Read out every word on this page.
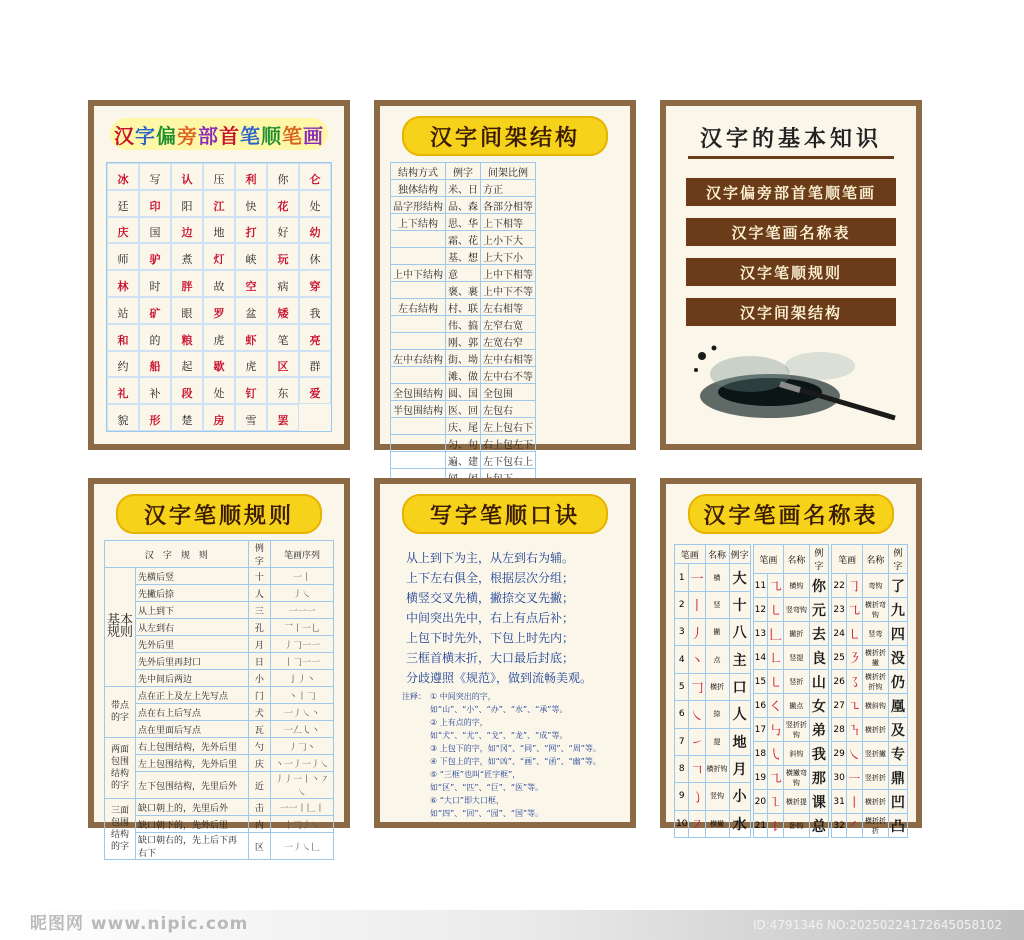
汉 字 偏 旁 部 首 笔 顺 笔 画
冰 写 认 压 利 你 仑
廷 印 阳 江 快 花 处
庆 国 边 地 打 好 幼
师 驴 煮 灯 峡 玩 休
林 时 胖 故 空 病 穿
站 矿 眼 罗 盆 矮 我
和 的 粮 虎 虾 笔 亮
约 船 起 歇 虎 区 群
礼 补 段 处 钉 东 爱
貌 形 楚 房 雪 罢
汉字间架结构
结构方式	例字	间架比例
独体结构	米、日	方正
品字形结构	品、森	各部分相等
上下结构	思、华	上下相等
	霜、花	上小下大
	基、想	上大下小
上中下结构	意	上中下相等
	褒、裹	上中下不等
左右结构	村、联	左右相等
	伟、搞	左窄右宽
	刚、郭	左宽右窄
左中右结构	街、坳	左中右相等
	滩、做	左中右不等
全包围结构	圆、国	全包围
半包围结构	医、回	左包右
	庆、尾	左上包右下
	匀、句	右上包左下
	遍、建	左下包右上

汉字的基本知识
汉字偏旁部首笔顺笔画
汉字笔画名称表
汉字笔顺规则
汉字间架结构
汉字笔顺规则
汉　字　规　则		例字	笔画序列
基本规则	先横后竖	十	一丨
	先撇后捺	人	丿㇏
	从上到下	三	一一一
	从左到右	孔	乛丨一乚
	先外后里	月	丿𠃌一一
	先外后里再封口	日	丨𠃌一一
	先中间后两边	小	亅丿丶
带点的字	点在正上及左上先写点	门	丶丨𠃌
	点在右上后写点	犬	一丿㇏丶
	点在里面后写点	瓦	一𠃋㇂丶
两面包围结构的字	右上包围结构，先外后里	勺	丿𠃌丶
	左上包围结构，先外后里	庆	丶一丿一丿㇏
	左下包围结构，先里后外	近	丿丿一丨丶㇇㇏
三面包围结构的字	缺口朝上的，先里后外	击	一一丨𠃊丨
	缺口朝下的，先外后里	内	丨𠃌丿㇏
	缺口朝右的，先上后下再右下	区	一丿㇏𠃊
写字笔顺口诀
从上到下为主，从左到右为辅。
上下左右俱全，根据层次分组；
横竖交叉先横，撇捺交叉先撇；
中间突出先中，右上有点后补；
上包下时先外，下包上时先内；
三框首横末折，大口最后封底；
分歧遵照《规范》，做到流畅美观。
注释： ① 中间突出的字，如“山”、“小”、“办”、“水”、“承”等。
② 上有点的字，如“犬”、“尤”、“戈”、“龙”、“成”等。
③ 上包下的字，如“冈”、“同”、“网”、“周”等。
④ 下包上的字，如“凶”、“画”、“函”、“幽”等。
⑤ “三框”也叫“匠字框”，如“区”、“匹”、“巨”、“医”等。
⑥ “大口”即大口框，如“四”、“回”、“园”、“国”等。
汉字笔画名称表
笔画		名称	例字
1	一	横	大
2	丨	竖	十
3	丿	撇	八
4	丶	点	主
5	𠃌	横折	口
6	㇏	捺	人
7	㇀	提	地
8	𠃍	横折钩	月
9	㇁	竖钩	小
10	㇇	横撇	水
笔画		名称	例字
11	㇈	横钩	你
12	㇄	竖弯钩	元
13	𠃊	撇折	去
14	㇗	竖提	良
15	㇄	竖折	山
16	㇛	撇点	女
17	㇉	竖折折钩	弟
18	㇂	斜钩	我
19	㇈	横撇弯钩	那
20	㇅	横折提	课
21	㇙	卧钩	总
笔画		名称	例字
22	㇆	弯钩	了
23	㇈	横折弯钩	九
24	㇄	竖弯	四
25	㇋	横折折撇	没
26	㇌	横折折折钩	仍
27	㇍	横斜钩	凰
28	㇎	横折折	及
29	㇏	竖折撇	专
30	㇐	竖折折	鼎
31	㇑	横折折	凹
32	㇒	横折折折	凸
昵图网 www.nipic.com	ID:4791346 NO:20250224172645058102
